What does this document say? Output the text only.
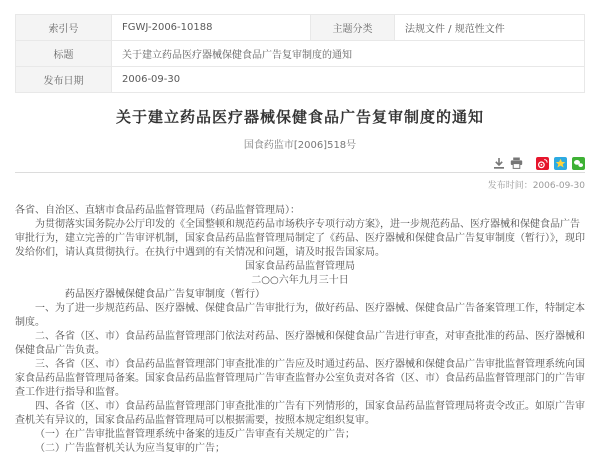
索引号	FGWJ-2006-10188	主题分类	法规文件 / 规范性文件
标题	关于建立药品医疗器械保健食品广告复审制度的通知		
发布日期	2006-09-30		
关于建立药品医疗器械保健食品广告复审制度的通知
国食药监市[2006]518号
发布时间：2006-09-30

各省、自治区、直辖市食品药品监督管理局（药品监督管理局）：

为贯彻落实国务院办公厅印发的《全国整顿和规范药品市场秩序专项行动方案》，进一步规范药品、医疗器械和保健食品广告审批行为，建立完善的广告审评机制，国家食品药品监督管理局制定了《药品、医疗器械和保健食品广告复审制度（暂行）》，现印发给你们，请认真贯彻执行。在执行中遇到的有关情况和问题，请及时报告国家局。

国家食品药品监督管理局

二○○六年九月三十日

药品医疗器械保健食品广告复审制度（暂行）

一、为了进一步规范药品、医疗器械、保健食品广告审批行为，做好药品、医疗器械、保健食品广告备案管理工作，特制定本制度。

二、各省（区、市）食品药品监督管理部门依法对药品、医疗器械和保健食品广告进行审查，对审查批准的药品、医疗器械和保健食品广告负责。

三、各省（区、市）食品药品监督管理部门审查批准的广告应及时通过药品、医疗器械和保健食品广告审批监督管理系统向国家食品药品监督管理局备案。国家食品药品监督管理局广告审查监督办公室负责对各省（区、市）食品药品监督管理部门的广告审查工作进行指导和监督。

四、各省（区、市）食品药品监督管理部门审查批准的广告有下列情形的，国家食品药品监督管理局将责令改正。如原广告审查机关有异议的，国家食品药品监督管理局可以根据需要，按照本规定组织复审。

（一）在广告审批监督管理系统中备案的违反广告审查有关规定的广告；

（二）广告监督机关认为应当复审的广告；
